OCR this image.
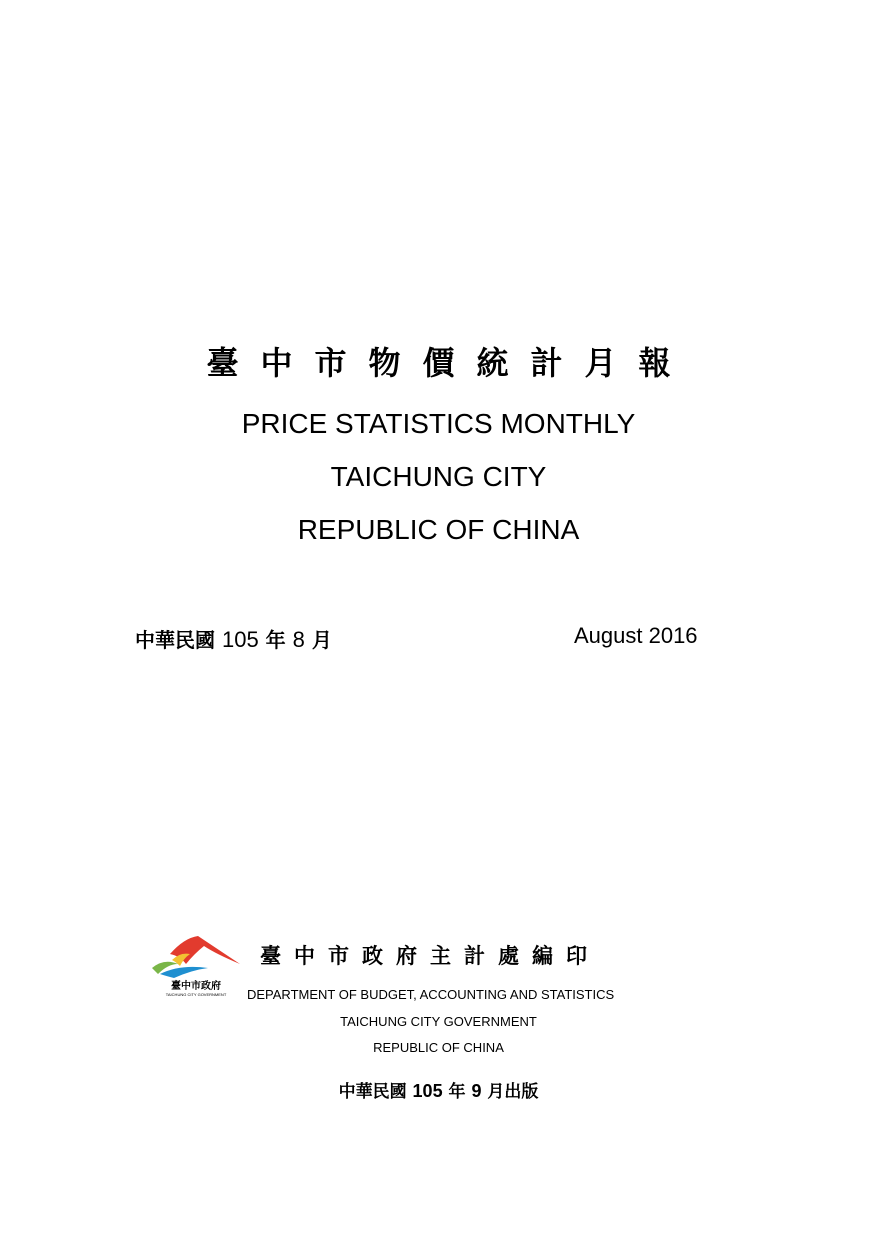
臺中市物價統計月報
PRICE STATISTICS MONTHLY
TAICHUNG CITY
REPUBLIC OF CHINA
中華民國 105 年 8 月	August 2016
臺中市政府
TAICHUNG CITY GOVERNMENT
臺中市政府主計處編印
DEPARTMENT OF BUDGET, ACCOUNTING AND STATISTICS
TAICHUNG CITY GOVERNMENT
REPUBLIC OF CHINA
中華民國 105 年 9 月出版
